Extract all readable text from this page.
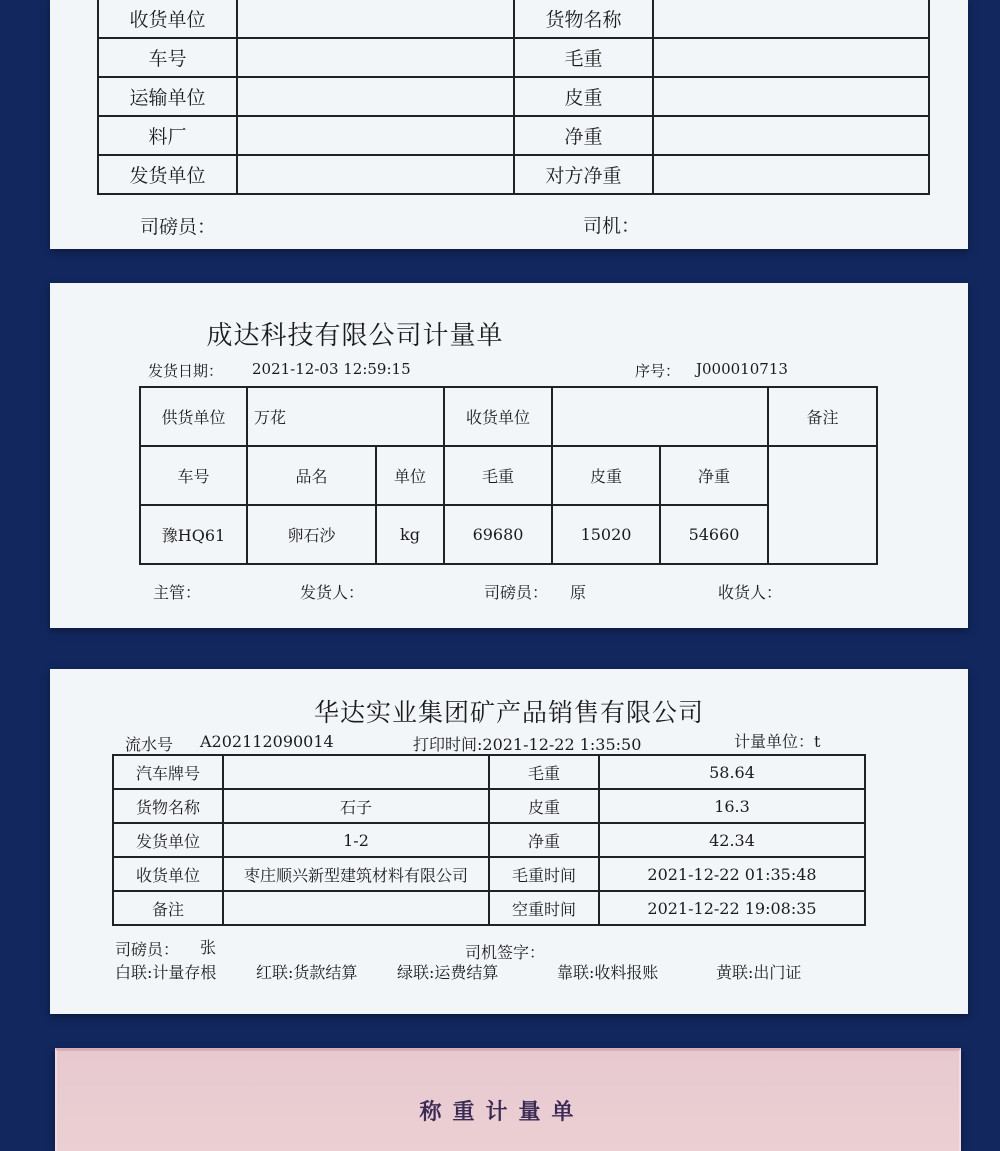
收货单位		货物名称	
车号		毛重	
运输单位		皮重	
料厂		净重	
发货单位		对方净重	
司磅员：	司机：
成达科技有限公司计量单
发货日期： 2021-12-03 12:59:15	序号： J000010713
供货单位	万花		收货单位			备注
车号	品名	单位	毛重	皮重	净重	
豫HQ61	卵石沙	kg	69680	15020	54660	
主管：	发货人：	司磅员： 原	收货人：
华达实业集团矿产品销售有限公司
流水号 A202112090014	打印时间:2021-12-22 1:35:50	计量单位：t
汽车牌号		毛重	58.64
货物名称	石子	皮重	16.3
发货单位	1-2	净重	42.34
收货单位	枣庄顺兴新型建筑材料有限公司	毛重时间	2021-12-22 01:35:48
备注		空重时间	2021-12-22 19:08:35
司磅员： 张	司机签字：
白联:计量存根 红联:货款结算 绿联:运费结算	靠联:收料报账	黄联:出门证
称重计量单
